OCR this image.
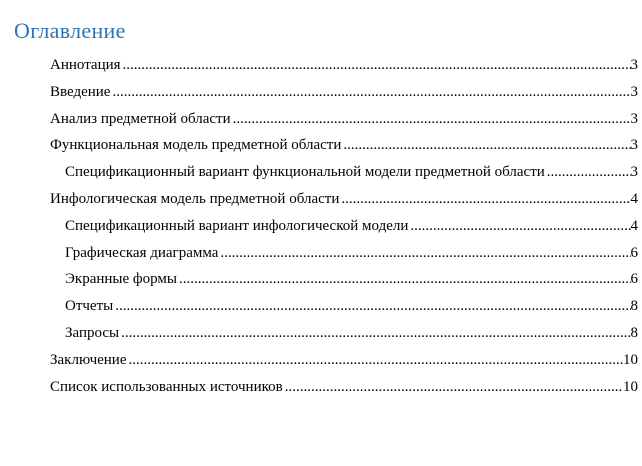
Оглавление
Аннотация .....	3
Введение .....	3
Анализ предметной области .....	3
Функциональная модель предметной области .....	3
Спецификационный вариант функциональной модели предметной области .....	3
Инфологическая модель предметной области .....	4
Спецификационный вариант инфологической модели .....	4
Графическая диаграмма .....	6
Экранные формы .....	6
Отчеты .....	8
Запросы .....	8
Заключение .....	10
Список использованных источников .....	10
